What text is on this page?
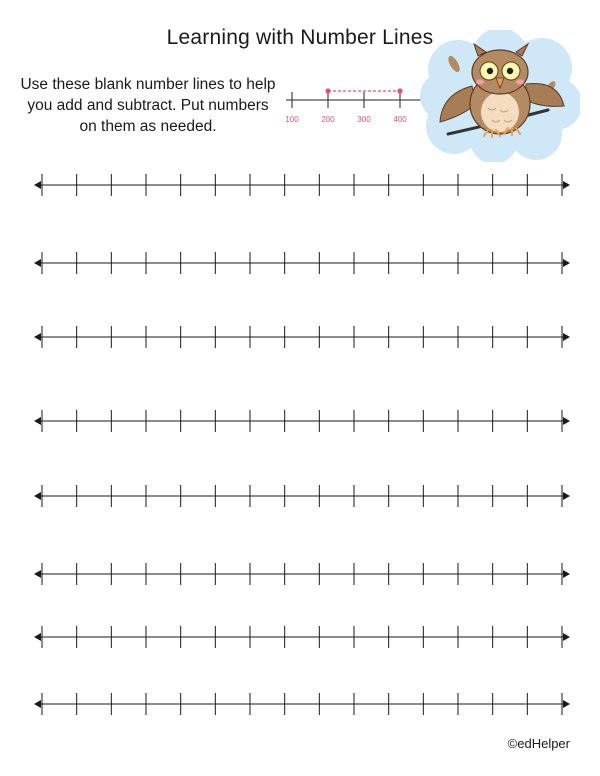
Learning with Number Lines
Use these blank number lines to help you add and subtract. Put numbers on them as needed.	100	200	300	400
©edHelper
